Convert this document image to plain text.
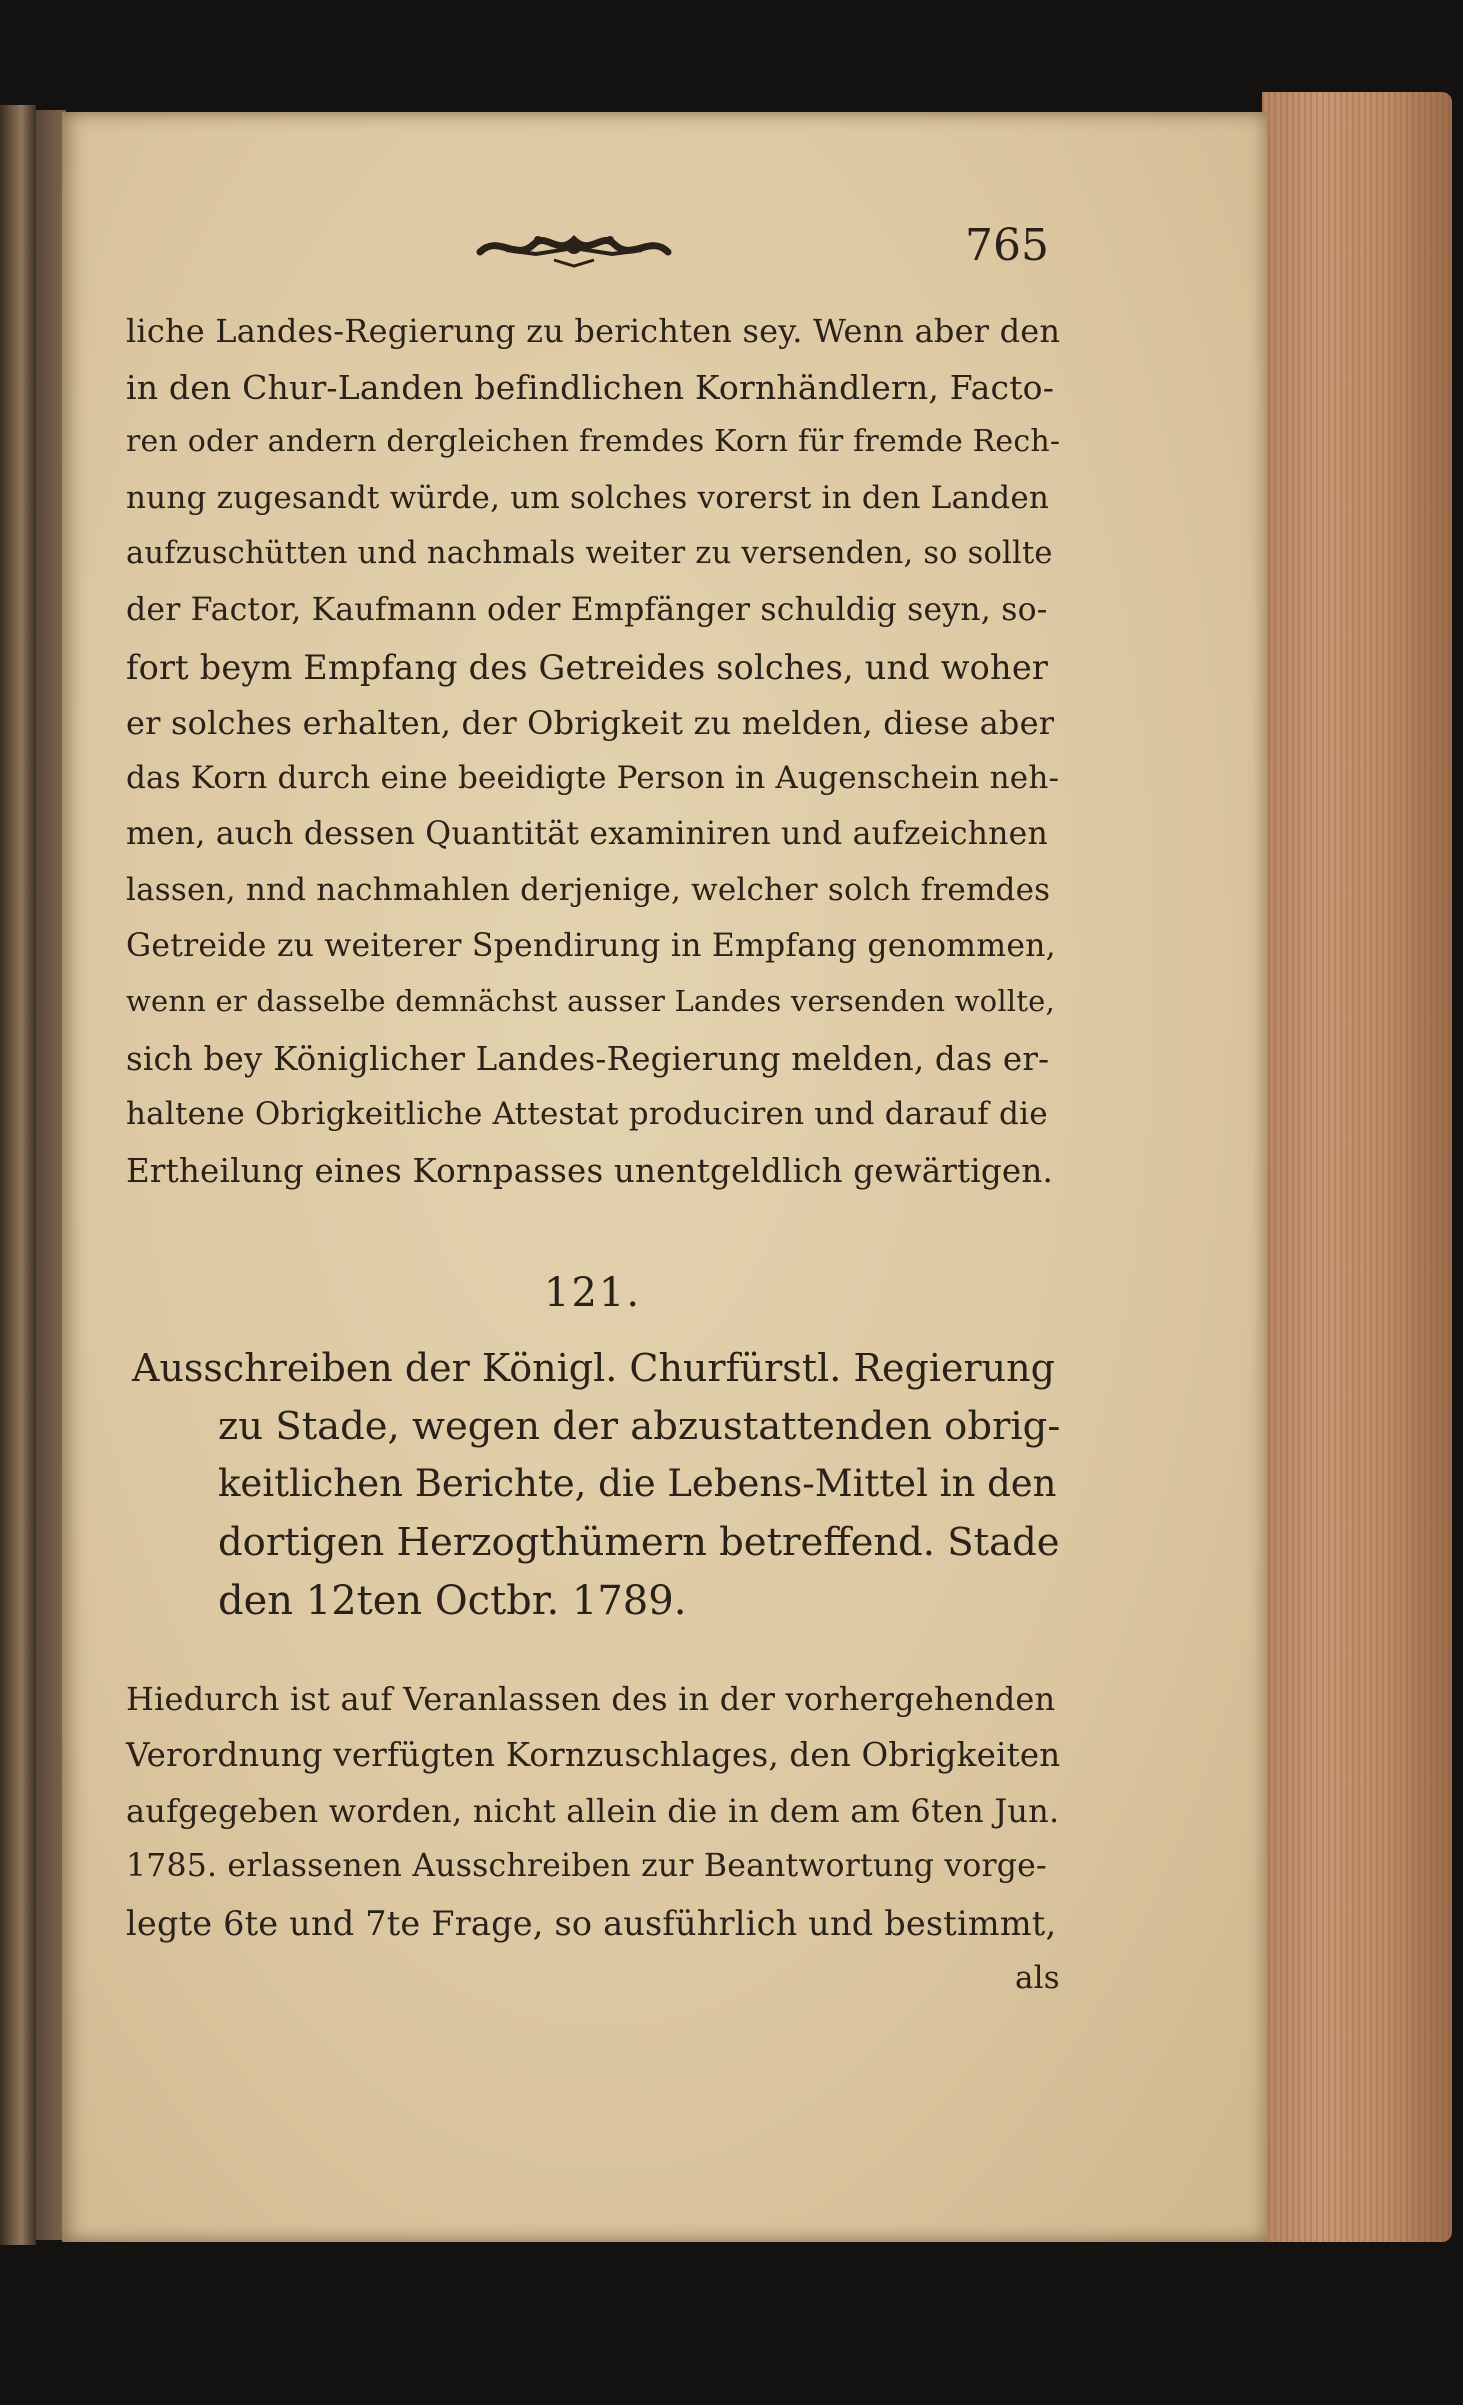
765

liche Landes-Regierung zu berichten sey. Wenn aber den

in den Chur-Landen befindlichen Kornhändlern, Facto-

ren oder andern dergleichen fremdes Korn für fremde Rech-

nung zugesandt würde, um solches vorerst in den Landen

aufzuschütten und nachmals weiter zu versenden, so sollte

der Factor, Kaufmann oder Empfänger schuldig seyn, so-

fort beym Empfang des Getreides solches, und woher

er solches erhalten, der Obrigkeit zu melden, diese aber

das Korn durch eine beeidigte Person in Augenschein neh-

men, auch dessen Quantität examiniren und aufzeichnen

lassen, nnd nachmahlen derjenige, welcher solch fremdes

Getreide zu weiterer Spendirung in Empfang genommen,

wenn er dasselbe demnächst ausser Landes versenden wollte,

sich bey Königlicher Landes-Regierung melden, das er-

haltene Obrigkeitliche Attestat produciren und darauf die

Ertheilung eines Kornpasses unentgeldlich gewärtigen.

121.

Ausschreiben der Königl. Churfürstl. Regierung

zu Stade, wegen der abzustattenden obrig-

keitlichen Berichte, die Lebens-Mittel in den

dortigen Herzogthümern betreffend. Stade

den 12ten Octbr. 1789.

Hiedurch ist auf Veranlassen des in der vorhergehenden

Verordnung verfügten Kornzuschlages, den Obrigkeiten

aufgegeben worden, nicht allein die in dem am 6ten Jun.

1785. erlassenen Ausschreiben zur Beantwortung vorge-

legte 6te und 7te Frage, so ausführlich und bestimmt,

als
